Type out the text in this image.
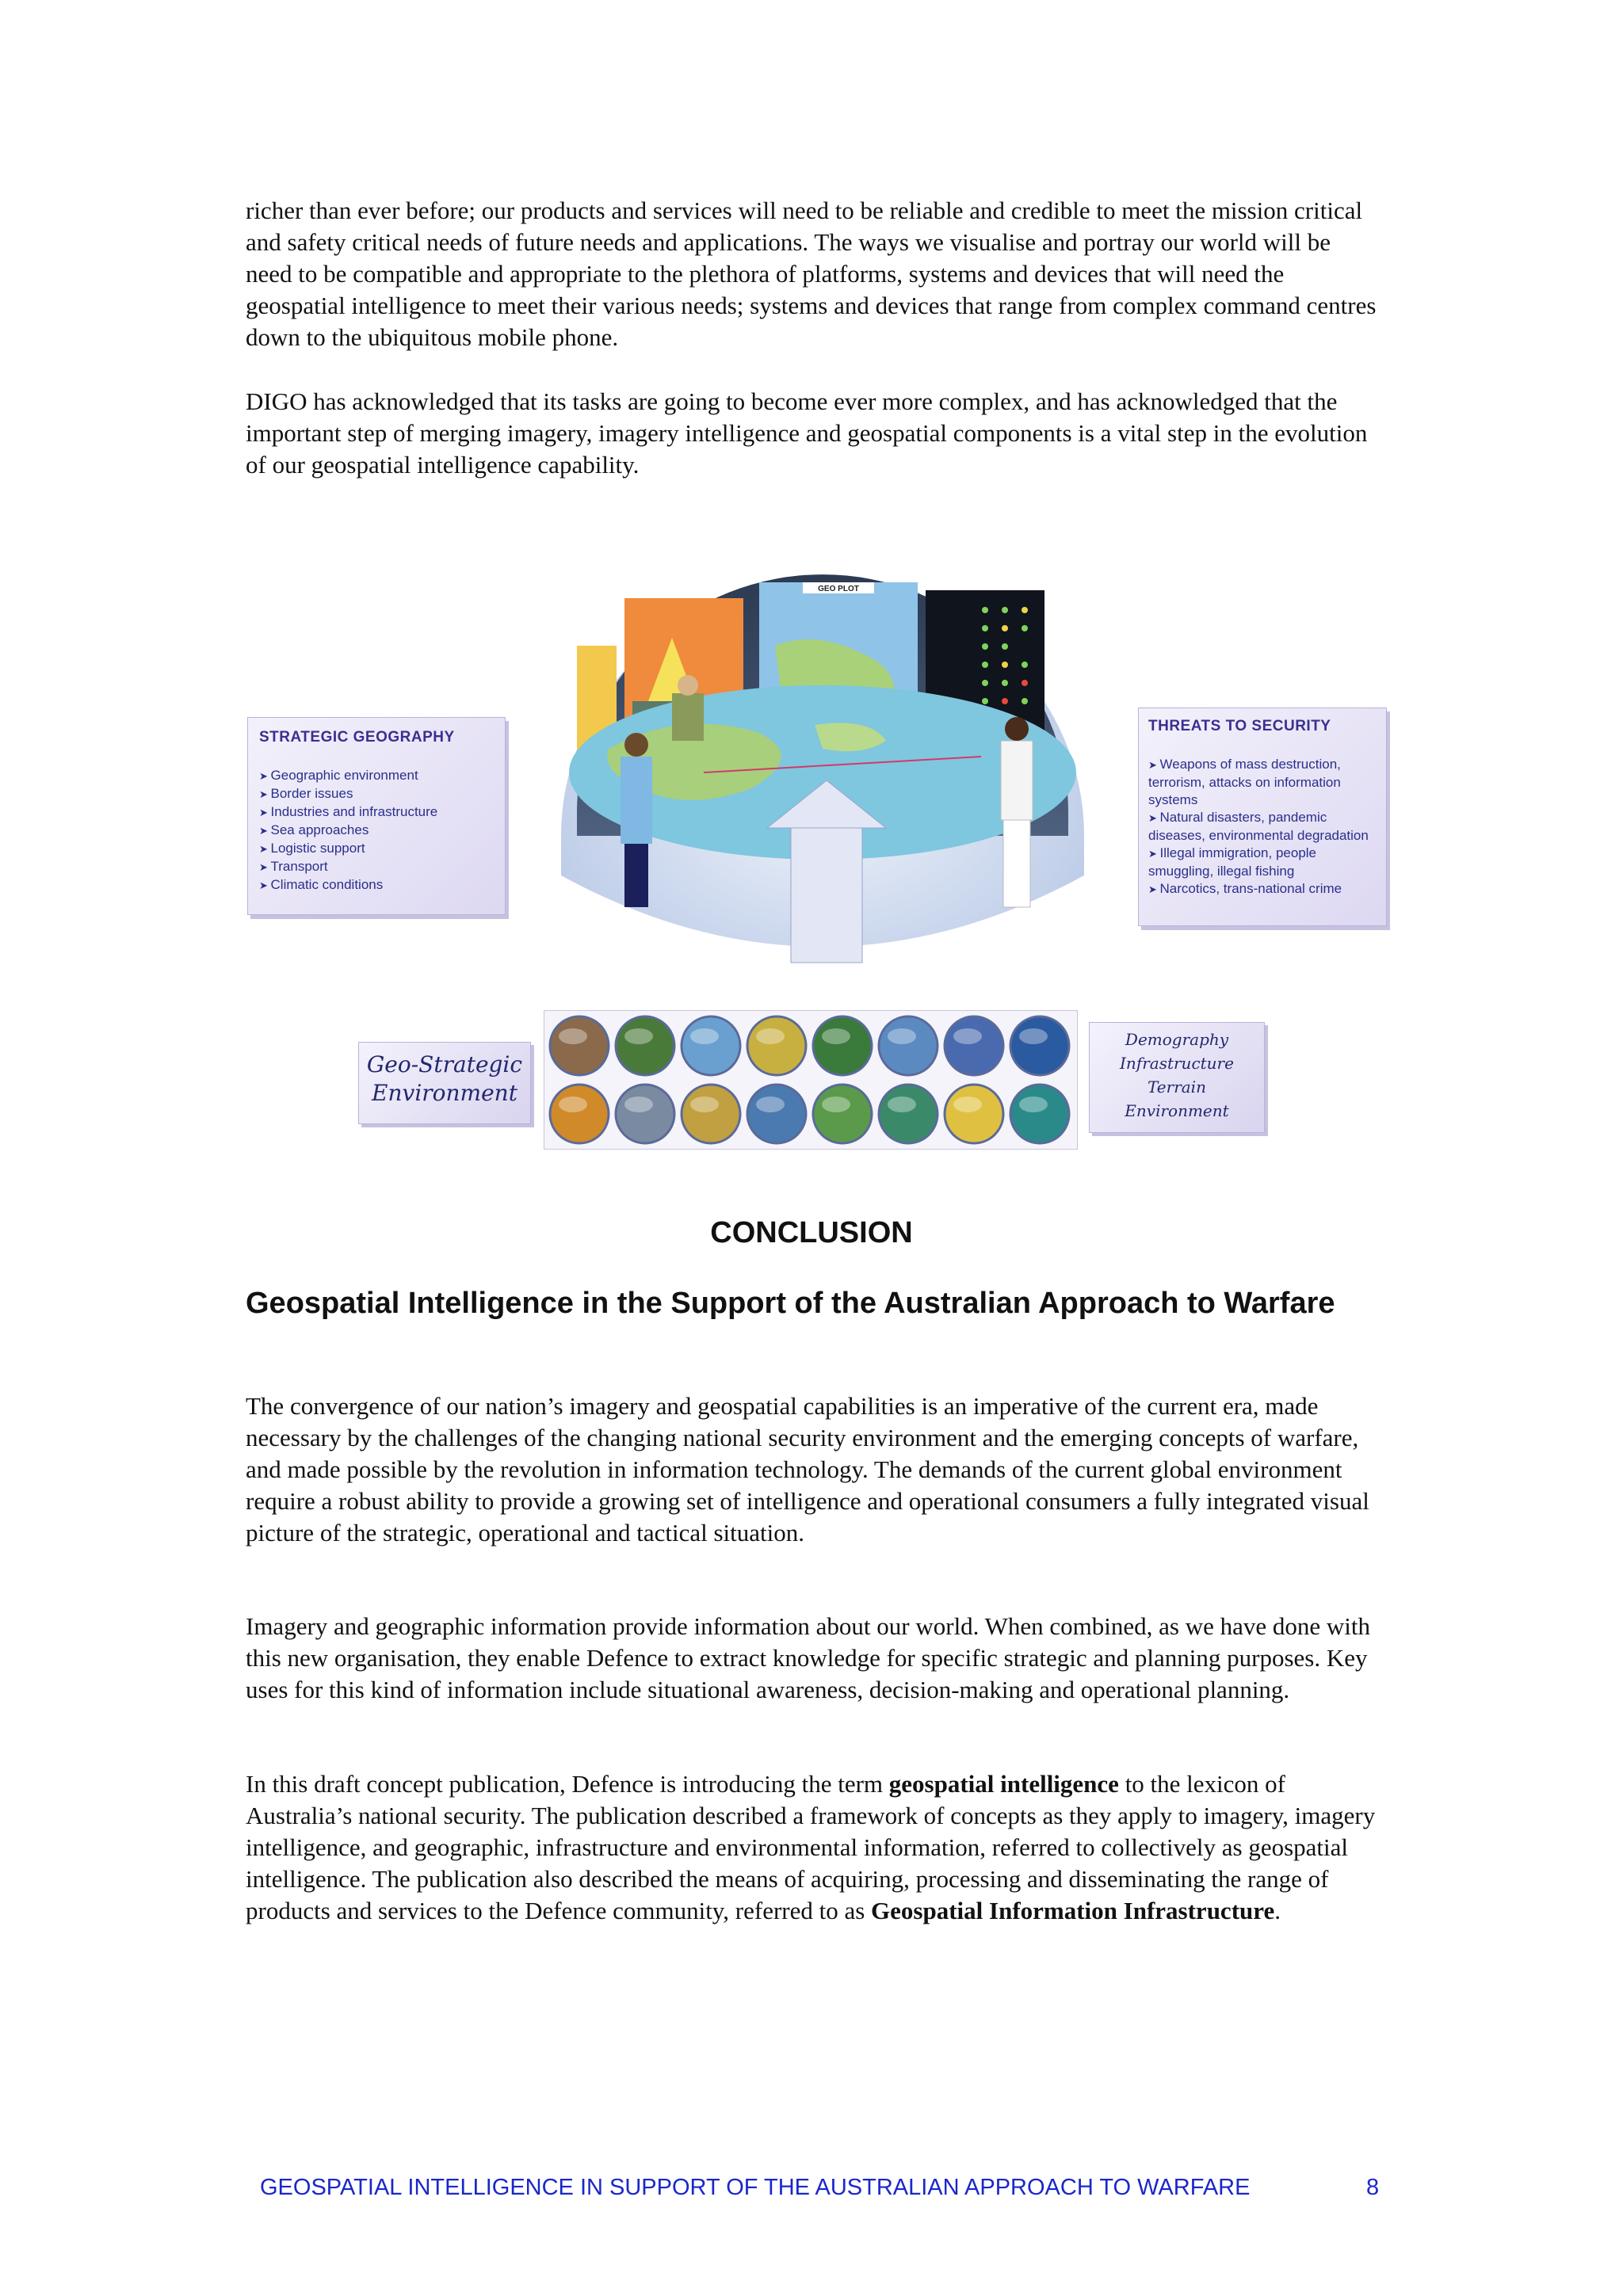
richer than ever before; our products and services will need to be reliable and credible to meet the mission critical and safety critical needs of future needs and applications. The ways we visualise and portray our world will be need to be compatible and appropriate to the plethora of platforms, systems and devices that will need the geospatial intelligence to meet their various needs; systems and devices that range from complex command centres down to the ubiquitous mobile phone.

DIGO has acknowledged that its tasks are going to become ever more complex, and has acknowledged that the important step of merging imagery, imagery intelligence and geospatial components is a vital step in the evolution of our geospatial intelligence capability.

STRATEGIC GEOGRAPHY
➤ Geographic environment
➤ Border issues
➤ Industries and infrastructure
➤ Sea approaches
➤ Logistic support
➤ Transport
➤ Climatic conditions
GEO PLOT
THREATS TO SECURITY
➤ Weapons of mass destruction, terrorism, attacks on information systems
➤ Natural disasters, pandemic diseases, environmental degradation
➤ Illegal immigration, people smuggling, illegal fishing
➤ Narcotics, trans-national crime
Geo-Strategic
Environment
Demography
Infrastructure
Terrain
Environment
CONCLUSION
Geospatial Intelligence in the Support of the Australian Approach to Warfare

The convergence of our nation’s imagery and geospatial capabilities is an imperative of the current era, made necessary by the challenges of the changing national security environment and the emerging concepts of warfare, and made possible by the revolution in information technology. The demands of the current global environment require a robust ability to provide a growing set of intelligence and operational consumers a fully integrated visual picture of the strategic, operational and tactical situation.

Imagery and geographic information provide information about our world. When combined, as we have done with this new organisation, they enable Defence to extract knowledge for specific strategic and planning purposes. Key uses for this kind of information include situational awareness, decision-making and operational planning.

In this draft concept publication, Defence is introducing the term geospatial intelligence to the lexicon of Australia’s national security. The publication described a framework of concepts as they apply to imagery, imagery intelligence, and geographic, infrastructure and environmental information, referred to collectively as geospatial intelligence. The publication also described the means of acquiring, processing and disseminating the range of products and services to the Defence community, referred to as Geospatial Information Infrastructure.

GEOSPATIAL INTELLIGENCE IN SUPPORT OF THE AUSTRALIAN APPROACH TO WARFARE	8
